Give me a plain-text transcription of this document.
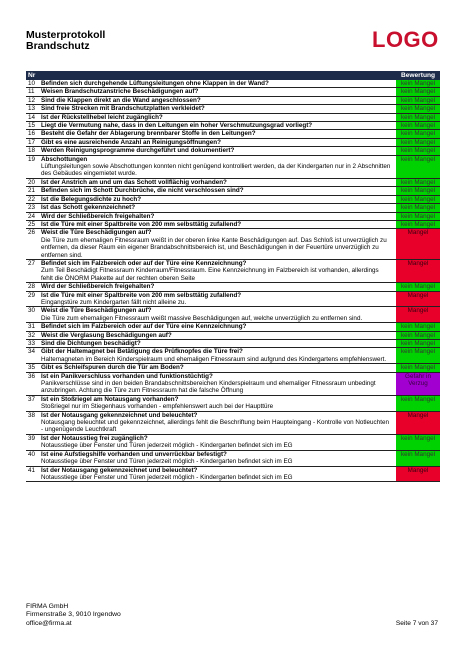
Musterprotokoll
Brandschutz	LOGO
Nr		Bewertung
10	Befinden sich durchgehende Lüftungsleitungen ohne Klappen in der Wand?	kein Mangel
11	Weisen Brandschutzanstriche Beschädigungen auf?	kein Mangel
12	Sind die Klappen direkt an die Wand angeschlossen?	kein Mangel
13	Sind freie Strecken mit Brandschutzplatten verkleidet?	kein Mangel
14	Ist der Rückstellhebel leicht zugänglich?	kein Mangel
15	Liegt die Vermutung nahe, dass in den Leitungen ein hoher Verschmutzungsgrad vorliegt?	kein Mangel
16	Besteht die Gefahr der Ablagerung brennbarer Stoffe in den Leitungen?	kein Mangel
17	Gibt es eine ausreichende Anzahl an Reinigungsöffnungen?	kein Mangel
18	Werden Reinigungsprogramme durchgeführt und dokumentiert?	kein Mangel
19	Abschottungen
Lüftungsleitungen sowie Abschottungen konnten nicht genügend kontrolliert werden, da der Kindergarten nur in 2 Abschnitten des Gebäudes eingemietet wurde.	kein Mangel
20	Ist der Anstrich am und um das Schott vollflächig vorhanden?	kein Mangel
21	Befinden sich im Schott Durchbrüche, die nicht verschlossen sind?	kein Mangel
22	Ist die Belegungsdichte zu hoch?	kein Mangel
23	Ist das Schott gekennzeichnet?	kein Mangel
24	Wird der Schließbereich freigehalten?	kein Mangel
25	Ist die Türe mit einer Spaltbreite von 200 mm selbsttätig zufallend?	kein Mangel
26	Weist die Türe Beschädigungen auf?
Die Türe zum ehemaligen Fitnessraum weißt in der oberen linke Kante Beschädigungen auf. Das Schloß ist unverzüglich zu entfernen, da dieser Raum ein eigener Brandabschnittsbereich ist, und Beschädigungen in der Feuertüre unverzüglich zu entfernen sind.	Mangel
27	Befindet sich im Falzbereich oder auf der Türe eine Kennzeichnung?
Zum Teil Beschädigt Fitnessraum Kinderraum/Fitnessraum. Eine Kennzeichnung im Falzbereich ist vorhanden, allerdings fehlt die ÖNORM Plakette auf der rechten oberen Seite	Mangel
28	Wird der Schließbereich freigehalten?	kein Mangel
29	Ist die Türe mit einer Spaltbreite von 200 mm selbsttätig zufallend?
Eingangstüre zum Kindergarten fällt nicht alleine zu.	Mangel
30	Weist die Türe Beschädigungen auf?
Die Türe zum ehemaligen Fitnessraum weißt massive Beschädigungen auf, welche unverzüglich zu entfernen sind.	Mangel
31	Befindet sich im Falzbereich oder auf der Türe eine Kennzeichnung?	kein Mangel
32	Weist die Verglasung Beschädigungen auf?	kein Mangel
33	Sind die Dichtungen beschädigt?	kein Mangel
34	Gibt der Haltemagnet bei Betätigung des Prüfknopfes die Türe frei?
Haltemagneten im Bereich Kinderspielraum und ehemaligen Fitnessraum sind aufgrund des Kindergartens empfehlenswert.	kein Mangel
35	Gibt es Schleifspuren durch die Tür am Boden?	kein Mangel
36	Ist ein Panikverschluss vorhanden und funktionstüchtig?
Panikverschlüsse sind in den beiden Brandabschnittsbereichen Kinderspielraum und ehemaliger Fitnessraum unbedingt anzubringen. Achtung die Türe zum Fitnessraum hat die falsche Öffnung	Gefahr in Verzug
37	Ist ein Stoßriegel am Notausgang vorhanden?
Stoßriegel nur im Stiegenhaus vorhanden - empfehlenswert auch bei der Haupttüre	kein Mangel
38	Ist der Notausgang gekennzeichnet und beleuchtet?
Notausgang beleuchtet und gekennzeichnet, allerdings fehlt die Beschriftung beim Haupteingang - Kontrolle von Notleuchten - ungenügende Leuchtkraft	Mangel
39	Ist der Notausstieg frei zugänglich?
Notausstiege über Fenster und Türen jederzeit möglich - Kindergarten befindet sich im EG	kein Mangel
40	Ist eine Aufstiegshilfe vorhanden und unverrückbar befestigt?
Notausstiege über Fenster und Türen jederzeit möglich - Kindergarten befindet sich im EG	kein Mangel
41	Ist der Notausgang gekennzeichnet und beleuchtet?
Notausstiege über Fenster und Türen jederzeit möglich - Kindergarten befindet sich im EG	Mangel
FIRMA GmbH
Firmenstraße 3, 9010 Irgendwo
office@firma.at	Seite 7 von 37
